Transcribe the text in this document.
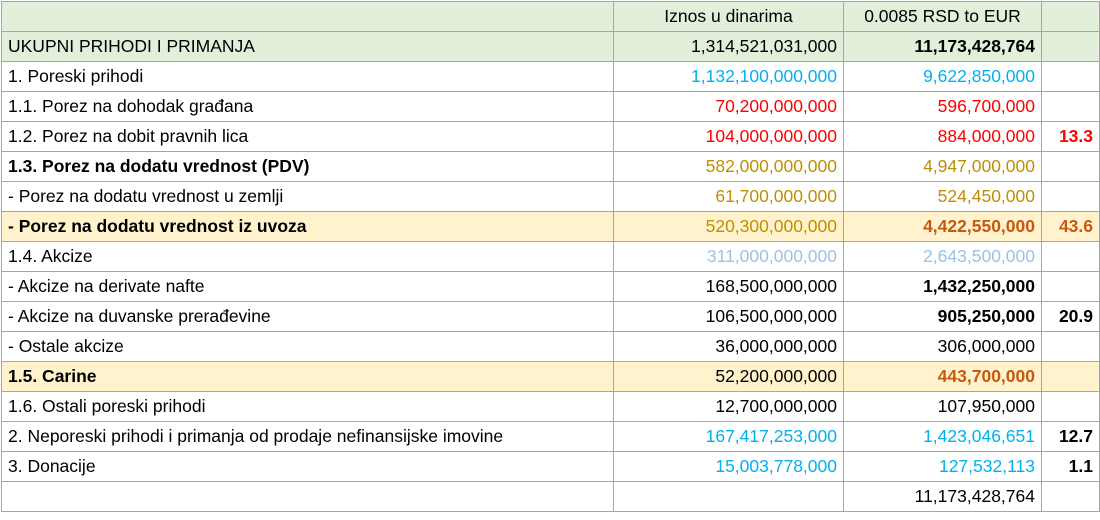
	Iznos u dinarima	0.0085 RSD to EUR	
UKUPNI PRIHODI I PRIMANJA	1,314,521,031,000	11,173,428,764	
1. Poreski prihodi	1,132,100,000,000	9,622,850,000	
1.1. Porez na dohodak građana	70,200,000,000	596,700,000	
1.2. Porez na dobit pravnih lica	104,000,000,000	884,000,000	13.3
1.3. Porez na dodatu vrednost (PDV)	582,000,000,000	4,947,000,000	
- Porez na dodatu vrednost u zemlji	61,700,000,000	524,450,000	
- Porez na dodatu vrednost iz uvoza	520,300,000,000	4,422,550,000	43.6
1.4. Akcize	311,000,000,000	2,643,500,000	
- Akcize na derivate nafte	168,500,000,000	1,432,250,000	
- Akcize na duvanske prerađevine	106,500,000,000	905,250,000	20.9
- Ostale akcize	36,000,000,000	306,000,000	
1.5. Carine	52,200,000,000	443,700,000	
1.6. Ostali poreski prihodi	12,700,000,000	107,950,000	
2. Neporeski prihodi i primanja od prodaje nefinansijske imovine	167,417,253,000	1,423,046,651	12.7
3. Donacije	15,003,778,000	127,532,113	1.1
		11,173,428,764	
